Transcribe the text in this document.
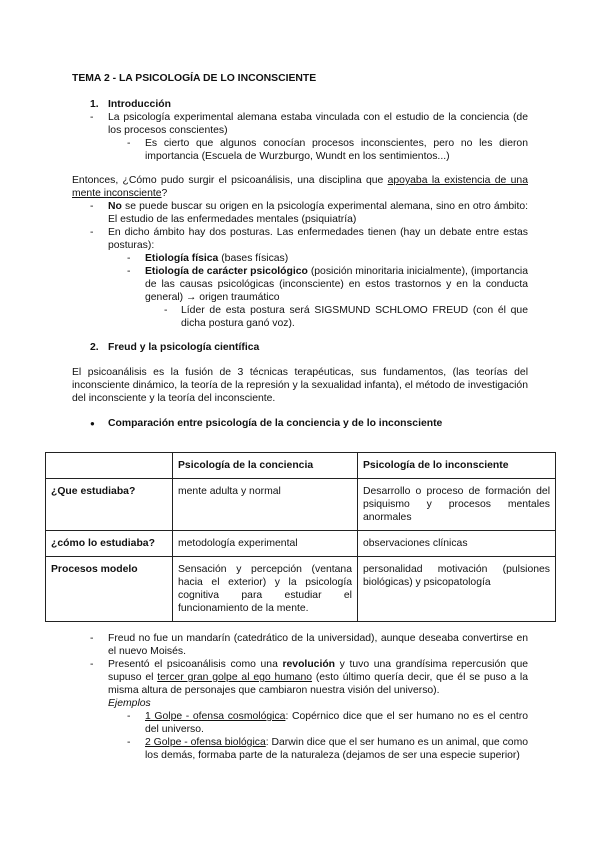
TEMA 2 - LA PSICOLOGÍA DE LO INCONSCIENTE
1. Introducción
- La psicología experimental alemana estaba vinculada con el estudio de la conciencia (de los procesos conscientes)
- Es cierto que algunos conocían procesos inconscientes, pero no les dieron importancia (Escuela de Wurzburgo, Wundt en los sentimientos...)
Entonces, ¿Cómo pudo surgir el psicoanálisis, una disciplina que apoyaba la existencia de una mente inconsciente?
- No se puede buscar su origen en la psicología experimental alemana, sino en otro ámbito: El estudio de las enfermedades mentales (psiquiatría)
- En dicho ámbito hay dos posturas. Las enfermedades tienen (hay un debate entre estas posturas):
- Etiología física (bases físicas)
- Etiología de carácter psicológico (posición minoritaria inicialmente), (importancia de las causas psicológicas (inconsciente) en estos trastornos y en la conducta general) → origen traumático
- Líder de esta postura será SIGSMUND SCHLOMO FREUD (con él que dicha postura ganó voz).
2. Freud y la psicología científica
El psicoanálisis es la fusión de 3 técnicas terapéuticas, sus fundamentos, (las teorías del inconsciente dinámico, la teoría de la represión y la sexualidad infanta), el método de investigación del inconsciente y la teoría del inconsciente.
● Comparación entre psicología de la conciencia y de lo inconsciente
	Psicología de la conciencia	Psicología de lo inconsciente
¿Que estudiaba?	mente adulta y normal	Desarrollo o proceso de formación del psiquismo y procesos mentales anormales
¿cómo lo estudiaba?	metodología experimental	observaciones clínicas
Procesos modelo	Sensación y percepción (ventana hacia el exterior) y la psicología cognitiva para estudiar el funcionamiento de la mente.	personalidad motivación (pulsiones biológicas) y psicopatología
- Freud no fue un mandarín (catedrático de la universidad), aunque deseaba convertirse en el nuevo Moisés.
- Presentó el psicoanálisis como una revolución y tuvo una grandísima repercusión que supuso el tercer gran golpe al ego humano (esto último quería decir, que él se puso a la misma altura de personajes que cambiaron nuestra visión del universo).
Ejemplos
- 1 Golpe - ofensa cosmológica: Copérnico dice que el ser humano no es el centro del universo.
- 2 Golpe - ofensa biológica: Darwin dice que el ser humano es un animal, que como los demás, formaba parte de la naturaleza (dejamos de ser una especie superior)
